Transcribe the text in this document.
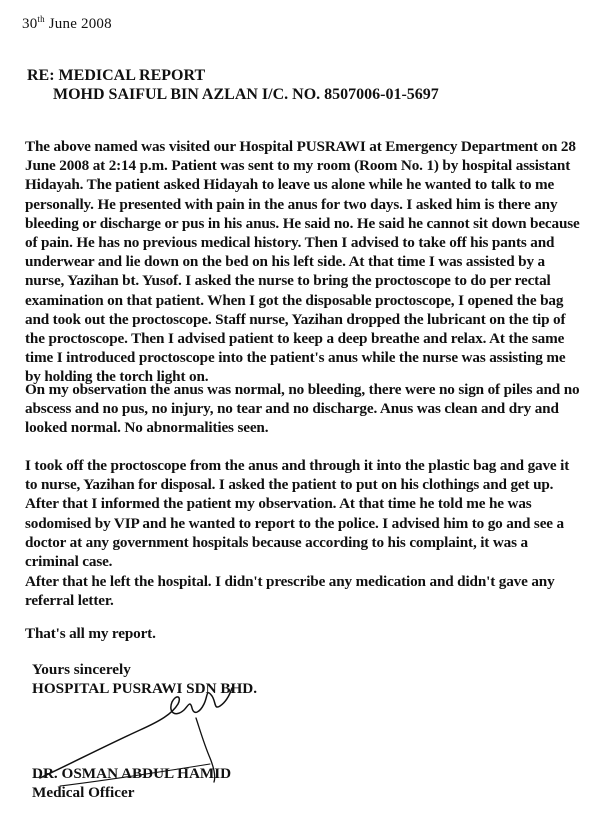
30th June 2008
RE: MEDICAL REPORT
MOHD SAIFUL BIN AZLAN I/C. NO. 8507006-01-5697
The above named was visited our Hospital PUSRAWI at Emergency Department on 28 June 2008 at 2:14 p.m. Patient was sent to my room (Room No. 1) by hospital assistant Hidayah. The patient asked Hidayah to leave us alone while he wanted to talk to me personally. He presented with pain in the anus for two days. I asked him is there any bleeding or discharge or pus in his anus. He said no. He said he cannot sit down because of pain. He has no previous medical history. Then I advised to take off his pants and underwear and lie down on the bed on his left side. At that time I was assisted by a nurse, Yazihan bt. Yusof. I asked the nurse to bring the proctoscope to do per rectal examination on that patient. When I got the disposable proctoscope, I opened the bag and took out the proctoscope. Staff nurse, Yazihan dropped the lubricant on the tip of the proctoscope. Then I advised patient to keep a deep breathe and relax. At the same time I introduced proctoscope into the patient's anus while the nurse was assisting me by holding the torch light on.
On my observation the anus was normal, no bleeding, there were no sign of piles and no abscess and no pus, no injury, no tear and no discharge. Anus was clean and dry and looked normal. No abnormalities seen.
I took off the proctoscope from the anus and through it into the plastic bag and gave it to nurse, Yazihan for disposal. I asked the patient to put on his clothings and get up. After that I informed the patient my observation. At that time he told me he was sodomised by VIP and he wanted to report to the police. I advised him to go and see a doctor at any government hospitals because according to his complaint, it was a criminal case.
After that he left the hospital. I didn't prescribe any medication and didn't gave any referral letter.
That's all my report.
Yours sincerely
HOSPITAL PUSRAWI SDN BHD.
DR. OSMAN ABDUL HAMID
Medical Officer
